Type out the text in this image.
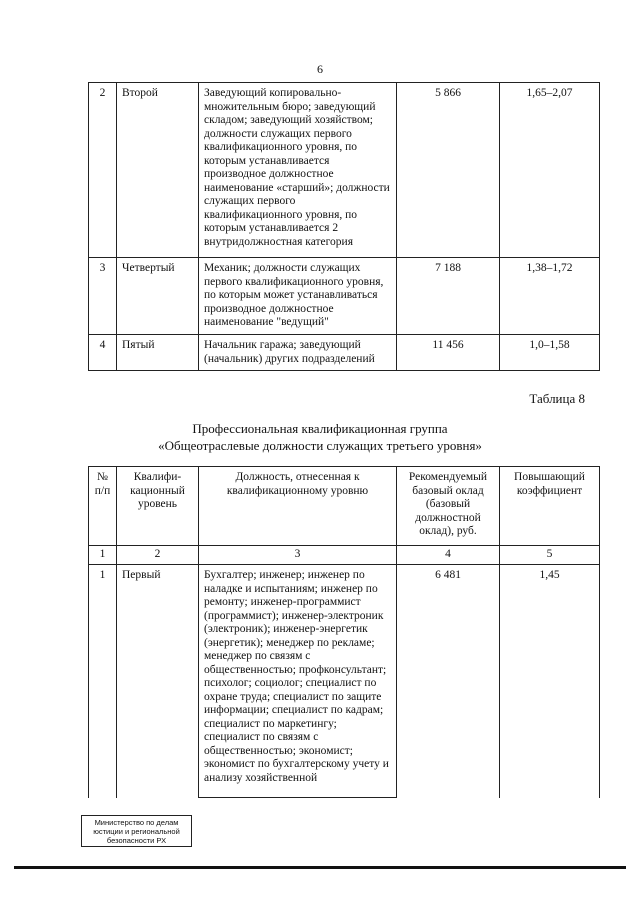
6
2	Второй	Заведующий копировально-множительным бюро; заведующий складом; заведующий хозяйством; должности служащих первого квалификационного уровня, по которым устанавливается производное должностное наименование «старший»; должности служащих первого квалификационного уровня, по которым устанавливается 2 внутридолжностная категория	5 866	1,65–2,07
3	Четвертый	Механик; должности служащих первого квалификационного уровня, по которым может устанавливаться производное должностное наименование "ведущий"	7 188	1,38–1,72
4	Пятый	Начальник гаража; заведующий (начальник) других подразделений	11 456	1,0–1,58
Таблица 8
Профессиональная квалификационная группа
«Общеотраслевые должности служащих третьего уровня»
№ п/п	Квалифи-кационный уровень	Должность, отнесенная к квалификационному уровню	Рекомендуемый базовый оклад (базовый должностной оклад), руб.	Повышающий коэффициент
1	2	3	4	5
1	Первый	Бухгалтер; инженер; инженер по наладке и испытаниям; инженер по ремонту; инженер-программист (программист); инженер-электроник (электроник); инженер-энергетик (энергетик); менеджер по рекламе; менеджер по связям с общественностью; профконсультант; психолог; социолог; специалист по охране труда; специалист по защите информации; специалист по кадрам; специалист по маркетингу; специалист по связям с общественностью; экономист; экономист по бухгалтерскому учету и анализу хозяйственной	6 481	1,45
Министерство по делам
юстиции и региональной
безопасности РХ
